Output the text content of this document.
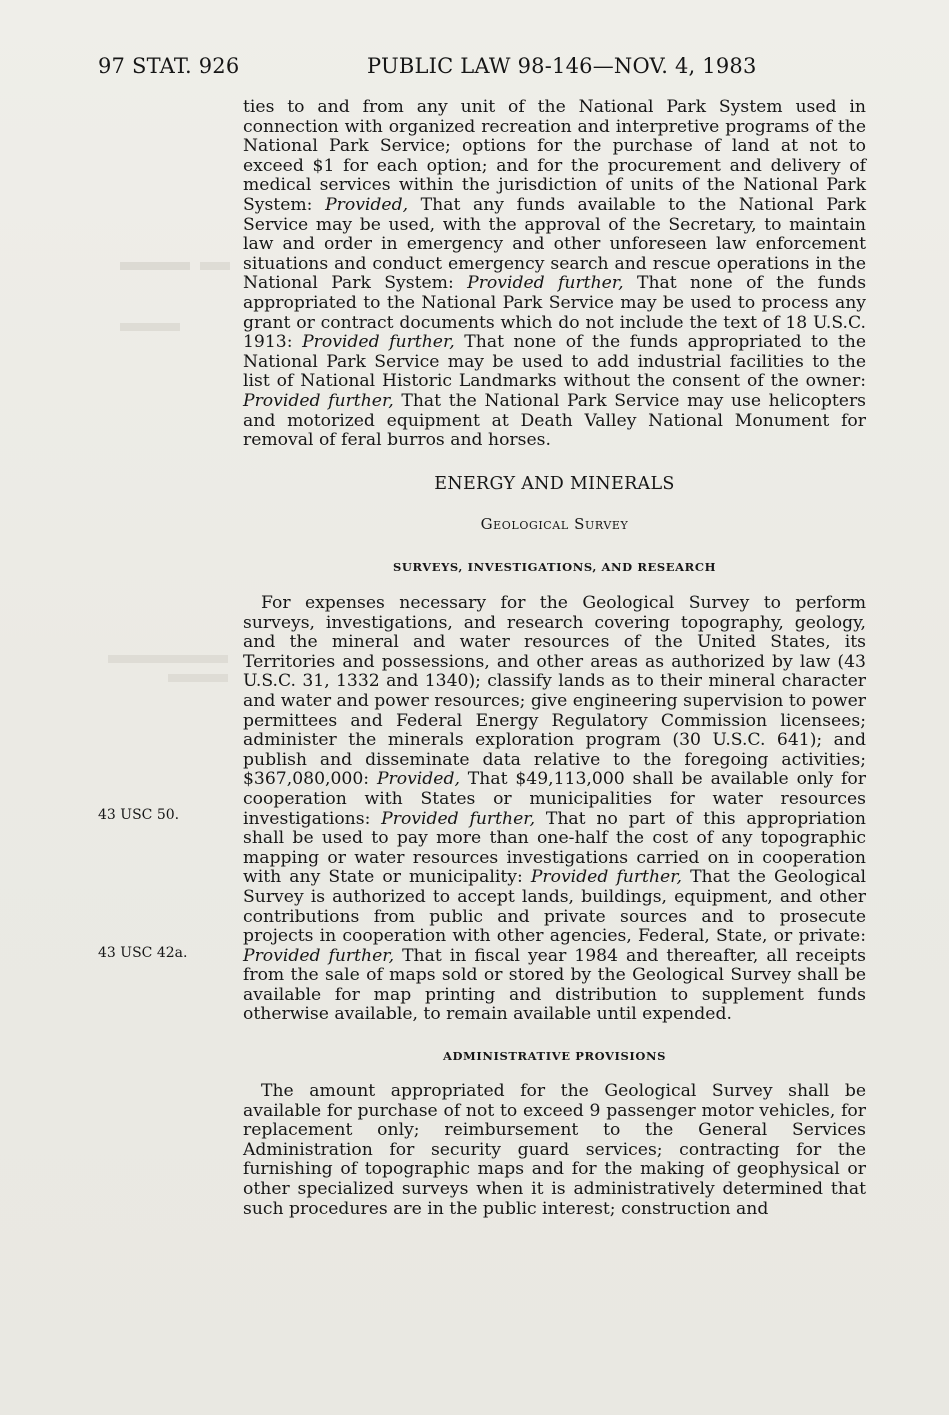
97 STAT. 926	PUBLIC LAW 98-146—NOV. 4, 1983

ties to and from any unit of the National Park System used in connection with organized recreation and interpretive programs of the National Park Service; options for the purchase of land at not to exceed $1 for each option; and for the procurement and delivery of medical services within the jurisdiction of units of the National Park System: Provided, That any funds available to the National Park Service may be used, with the approval of the Secretary, to maintain law and order in emergency and other unforeseen law enforcement situations and conduct emergency search and rescue operations in the National Park System: Provided further, That none of the funds appropriated to the National Park Service may be used to process any grant or contract documents which do not include the text of 18 U.S.C. 1913: Provided further, That none of the funds appropriated to the National Park Service may be used to add industrial facilities to the list of National Historic Landmarks without the consent of the owner: Provided further, That the National Park Service may use helicopters and motorized equipment at Death Valley National Monument for removal of feral burros and horses.

ENERGY AND MINERALS
Geological Survey
SURVEYS, INVESTIGATIONS, AND RESEARCH

For expenses necessary for the Geological Survey to perform surveys, investigations, and research covering topography, geology, and the mineral and water resources of the United States, its Territories and possessions, and other areas as authorized by law (43 U.S.C. 31, 1332 and 1340); classify lands as to their mineral character and water and power resources; give engineering supervision to power permittees and Federal Energy Regulatory Commission licensees; administer the minerals exploration program (30 U.S.C. 641); and publish and disseminate data relative to the foregoing activities; $367,080,000: Provided, That $49,113,000 shall be available only for cooperation with States or municipalities for water resources investigations: Provided further, That no part of this appropriation shall be used to pay more than one-half the cost of any topographic mapping or water resources investigations carried on in cooperation with any State or municipality: Provided further, That the Geological Survey is authorized to accept lands, buildings, equipment, and other contributions from public and private sources and to prosecute projects in cooperation with other agencies, Federal, State, or private: Provided further, That in fiscal year 1984 and thereafter, all receipts from the sale of maps sold or stored by the Geological Survey shall be available for map printing and distribution to supplement funds otherwise available, to remain available until expended.

43 USC 50.
43 USC 42a.
ADMINISTRATIVE PROVISIONS

The amount appropriated for the Geological Survey shall be available for purchase of not to exceed 9 passenger motor vehicles, for replacement only; reimbursement to the General Services Administration for security guard services; contracting for the furnishing of topographic maps and for the making of geophysical or other specialized surveys when it is administratively determined that such procedures are in the public interest; construction and
